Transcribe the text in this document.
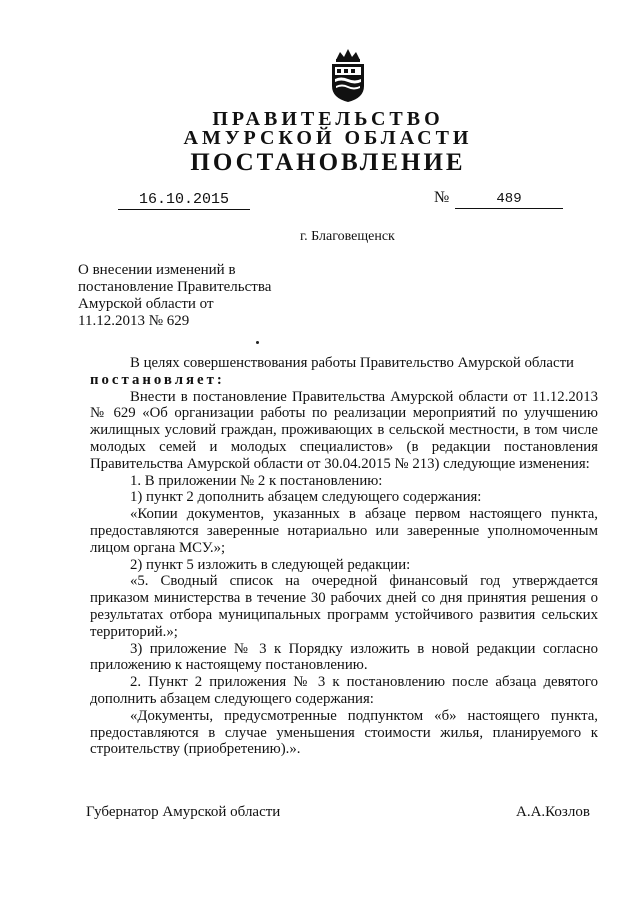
ПРАВИТЕЛЬСТВО
АМУРСКОЙ ОБЛАСТИ
ПОСТАНОВЛЕНИЕ
16.10.2015	№	489
г. Благовещенск
О внесении изменений в
постановление Правительства
Амурской области от
11.12.2013 № 629

В целях совершенствования работы Правительство Амурской области

постановляет:

Внести в постановление Правительства Амурской области от 11.12.2013 № 629 «Об организации работы по реализации мероприятий по улучшению жилищных условий граждан, проживающих в сельской местности, в том числе молодых семей и молодых специалистов» (в редакции постановления Правительства Амурской области от 30.04.2015 № 213) следующие изменения:

1. В приложении № 2 к постановлению:

1) пункт 2 дополнить абзацем следующего содержания:

«Копии документов, указанных в абзаце первом настоящего пункта, предоставляются заверенные нотариально или заверенные уполномоченным лицом органа МСУ.»;

2) пункт 5 изложить в следующей редакции:

«5. Сводный список на очередной финансовый год утверждается приказом министерства в течение 30 рабочих дней со дня принятия решения о результатах отбора муниципальных программ устойчивого развития сельских территорий.»;

3) приложение № 3 к Порядку изложить в новой редакции согласно приложению к настоящему постановлению.

2. Пункт 2 приложения № 3 к постановлению после абзаца девятого дополнить абзацем следующего содержания:

«Документы, предусмотренные подпунктом «б» настоящего пункта, предоставляются в случае уменьшения стоимости жилья, планируемого к строительству (приобретению).».

Губернатор Амурской области	А.А.Козлов
